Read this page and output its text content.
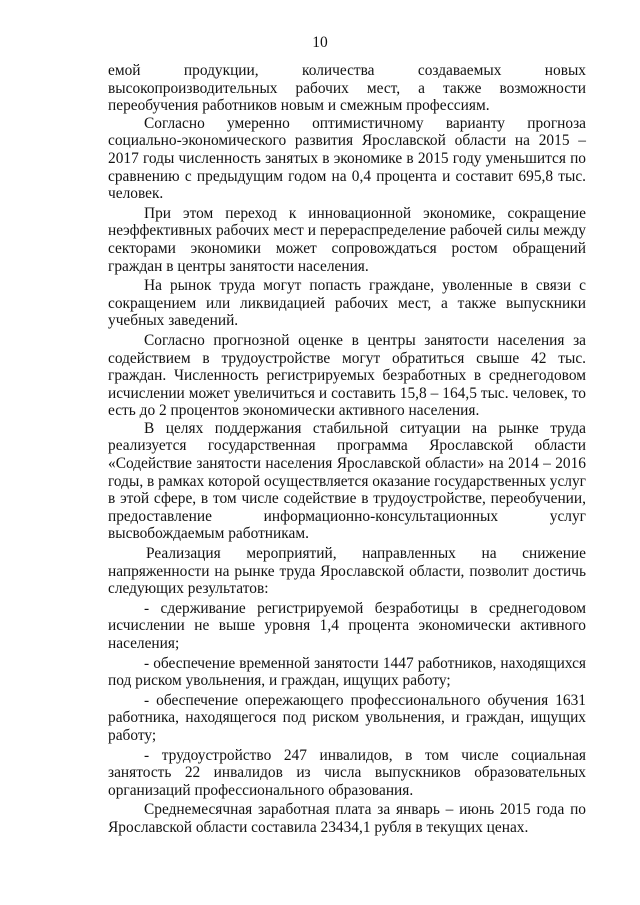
10

емой продукции, количества создаваемых новых высокопроизводительных рабочих мест, а также возможности переобучения работников новым и смежным профессиям.

Согласно умеренно оптимистичному варианту прогноза социально-экономического развития Ярославской области на 2015 – 2017 годы численность занятых в экономике в 2015 году уменьшится по сравнению с предыдущим годом на 0,4 процента и составит 695,8 тыс. человек.

При этом переход к инновационной экономике, сокращение неэффективных рабочих мест и перераспределение рабочей силы между секторами экономики может сопровождаться ростом обращений граждан в центры занятости населения.

На рынок труда могут попасть граждане, уволенные в связи с сокращением или ликвидацией рабочих мест, а также выпускники учебных заведений.

Согласно прогнозной оценке в центры занятости населения за содействием в трудоустройстве могут обратиться свыше 42 тыс. граждан. Численность регистрируемых безработных в среднегодовом исчислении может увеличиться и составить 15,8 – 164,5 тыс. человек, то есть до 2 процентов экономически активного населения.

В целях поддержания стабильной ситуации на рынке труда реализуется государственная программа Ярославской области «Содействие занятости населения Ярославской области» на 2014 – 2016 годы, в рамках которой осуществляется оказание государственных услуг в этой сфере, в том числе содействие в трудоустройстве, переобучении, предоставление информационно-консультационных услуг высвобождаемым работникам.

Реализация мероприятий, направленных на снижение напряженности на рынке труда Ярославской области, позволит достичь следующих результатов:

- сдерживание регистрируемой безработицы в среднегодовом исчислении не выше уровня 1,4 процента экономически активного населения;

- обеспечение временной занятости 1447 работников, находящихся под риском увольнения, и граждан, ищущих работу;

- обеспечение опережающего профессионального обучения 1631 работника, находящегося под риском увольнения, и граждан, ищущих работу;

- трудоустройство 247 инвалидов, в том числе социальная занятость 22 инвалидов из числа выпускников образовательных организаций профессионального образования.

Среднемесячная заработная плата за январь – июнь 2015 года по Ярославской области составила 23434,1 рубля в текущих ценах.
